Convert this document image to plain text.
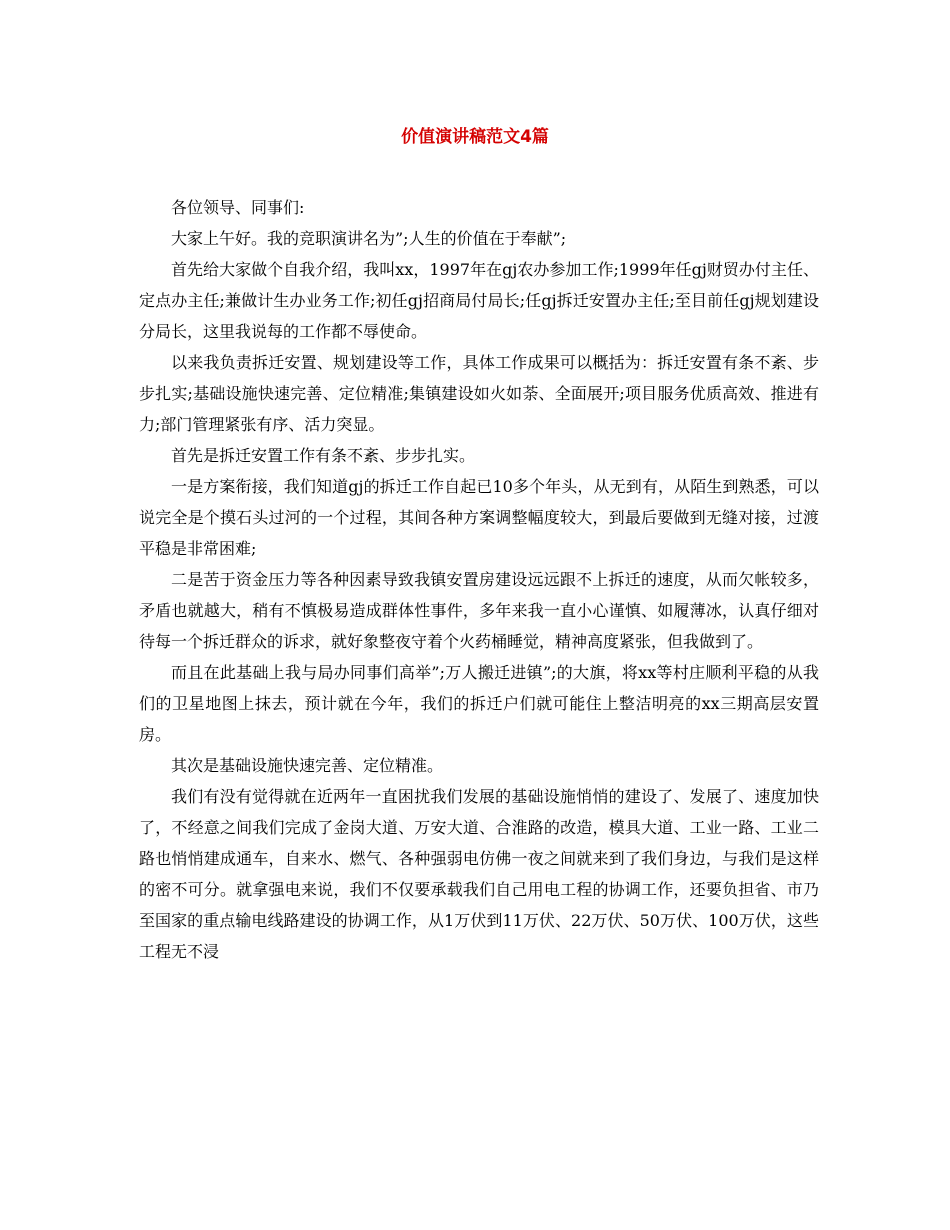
价值演讲稿范文4篇

各位领导、同事们:

大家上午好。我的竞职演讲名为”;人生的价值在于奉献”;

首先给大家做个自我介绍，我叫xx，1997年在gj农办参加工作;1999年任gj财贸办付主任、定点办主任;兼做计生办业务工作;初任gj招商局付局长;任gj拆迁安置办主任;至目前任gj规划建设分局长，这里我说每的工作都不辱使命。

以来我负责拆迁安置、规划建设等工作，具体工作成果可以概括为：拆迁安置有条不紊、步步扎实;基础设施快速完善、定位精准;集镇建设如火如荼、全面展开;项目服务优质高效、推进有力;部门管理紧张有序、活力突显。

首先是拆迁安置工作有条不紊、步步扎实。

一是方案衔接，我们知道gj的拆迁工作自起已10多个年头，从无到有，从陌生到熟悉，可以说完全是个摸石头过河的一个过程，其间各种方案调整幅度较大，到最后要做到无缝对接，过渡平稳是非常困难;

二是苦于资金压力等各种因素导致我镇安置房建设远远跟不上拆迁的速度，从而欠帐较多，矛盾也就越大，稍有不慎极易造成群体性事件，多年来我一直小心谨慎、如履薄冰，认真仔细对待每一个拆迁群众的诉求，就好象整夜守着个火药桶睡觉，精神高度紧张，但我做到了。

而且在此基础上我与局办同事们高举”;万人搬迁进镇”;的大旗，将xx等村庄顺利平稳的从我们的卫星地图上抹去，预计就在今年，我们的拆迁户们就可能住上整洁明亮的xx三期高层安置房。

其次是基础设施快速完善、定位精准。

我们有没有觉得就在近两年一直困扰我们发展的基础设施悄悄的建设了、发展了、速度加快了，不经意之间我们完成了金岗大道、万安大道、合淮路的改造，模具大道、工业一路、工业二路也悄悄建成通车，自来水、燃气、各种强弱电仿佛一夜之间就来到了我们身边，与我们是这样的密不可分。就拿强电来说，我们不仅要承载我们自己用电工程的协调工作，还要负担省、市乃至国家的重点输电线路建设的协调工作，从1万伏到11万伏、22万伏、50万伏、100万伏，这些工程无不浸
